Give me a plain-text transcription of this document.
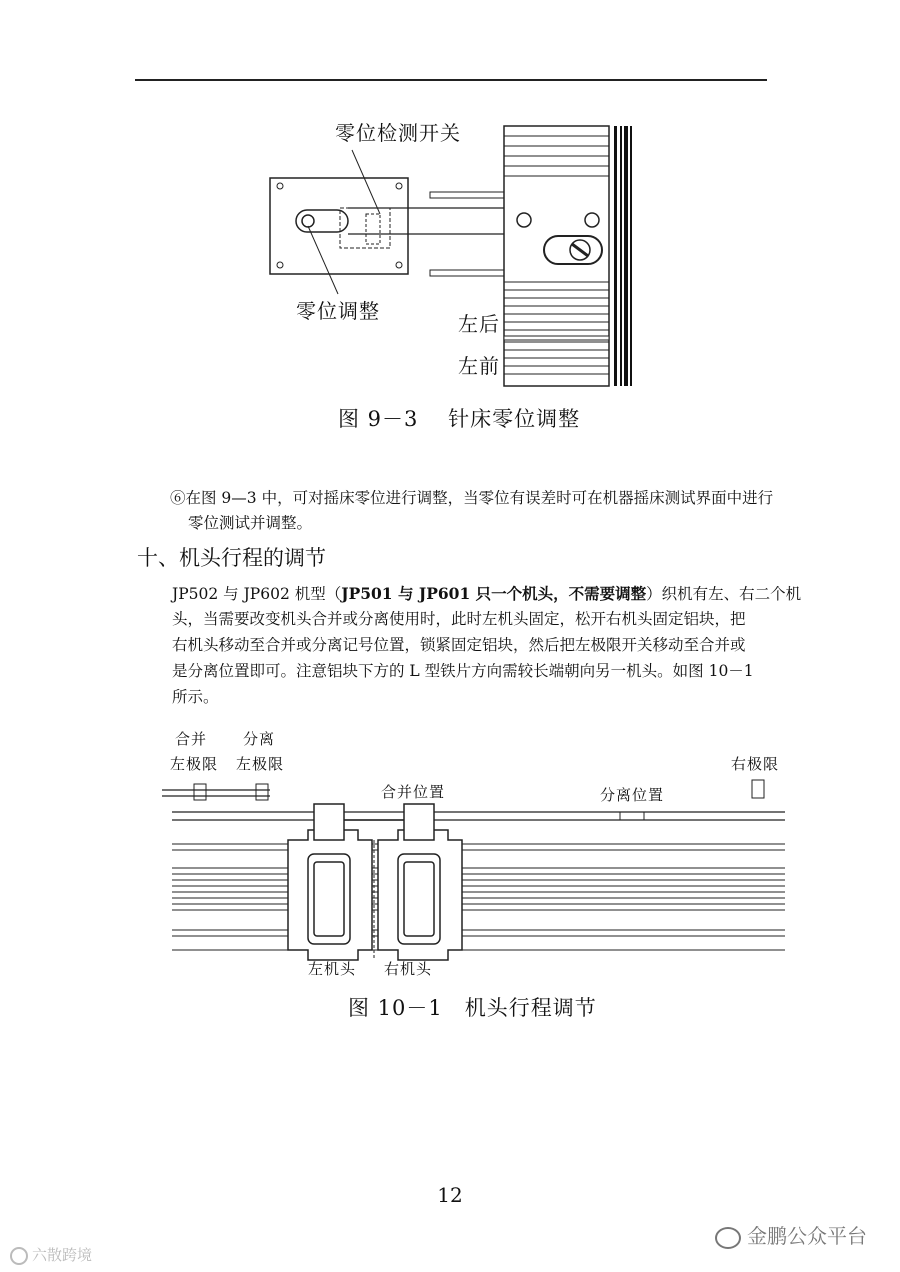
零位检测开关
零位调整
左后
左前
图 9－3　 针床零位调整
⑥在图 9—3 中，可对摇床零位进行调整，当零位有误差时可在机器摇床测试界面中进行
零位测试并调整。
十、机头行程的调节
JP502 与 JP602 机型（JP501 与 JP601 只一个机头，不需要调整）织机有左、右二个机
头，当需要改变机头合并或分离使用时，此时左机头固定，松开右机头固定铝块，把
右机头移动至合并或分离记号位置，锁紧固定铝块，然后把左极限开关移动至合并或
是分离位置即可。注意铝块下方的 L 型铁片方向需较长端朝向另一机头。如图 10－1
所示。
合并 分离
左极限 左极限	右极限
合并位置	分离位置
左机头 右机头
图 10－1　机头行程调节
12
金鹏公众平台
六散跨境
